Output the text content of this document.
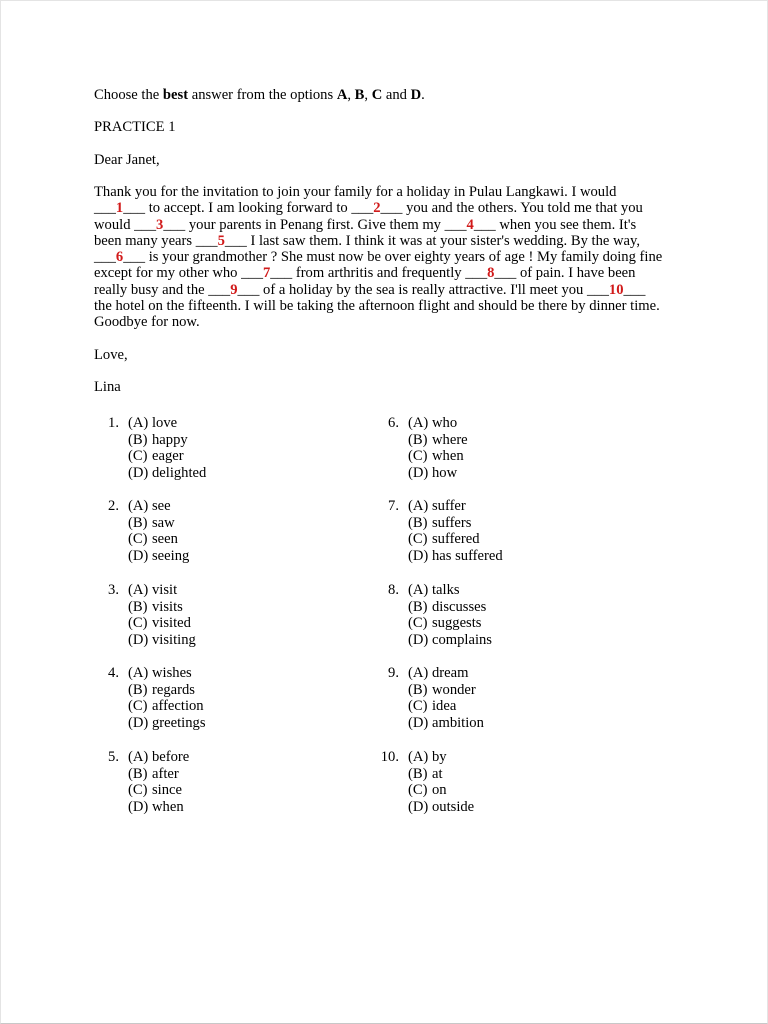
Choose the best answer from the options A, B, C and D.
PRACTICE 1
Dear Janet,
Thank you for the invitation to join your family for a holiday in Pulau Langkawi. I would
___1___ to accept. I am looking forward to ___2___ you and the others. You told me that you
would ___3___ your parents in Penang first. Give them my ___4___ when you see them. It's
been many years ___5___ I last saw them. I think it was at your sister's wedding. By the way,
___6___ is your grandmother ? She must now be over eighty years of age ! My family doing fine
except for my other who ___7___ from arthritis and frequently ___8___ of pain. I have been
really busy and the ___9___ of a holiday by the sea is really attractive. I'll meet you ___10___
the hotel on the fifteenth. I will be taking the afternoon flight and should be there by dinner time.
Goodbye for now.
Love,
Lina
1. (A) love
(B) happy
(C) eager
(D) delighted
2. (A) see
(B) saw
(C) seen
(D) seeing
3. (A) visit
(B) visits
(C) visited
(D) visiting
4. (A) wishes
(B) regards
(C) affection
(D) greetings
5. (A) before
(B) after
(C) since
(D) when
6. (A) who
(B) where
(C) when
(D) how
7. (A) suffer
(B) suffers
(C) suffered
(D) has suffered
8. (A) talks
(B) discusses
(C) suggests
(D) complains
9. (A) dream
(B) wonder
(C) idea
(D) ambition
10. (A) by
(B) at
(C) on
(D) outside
